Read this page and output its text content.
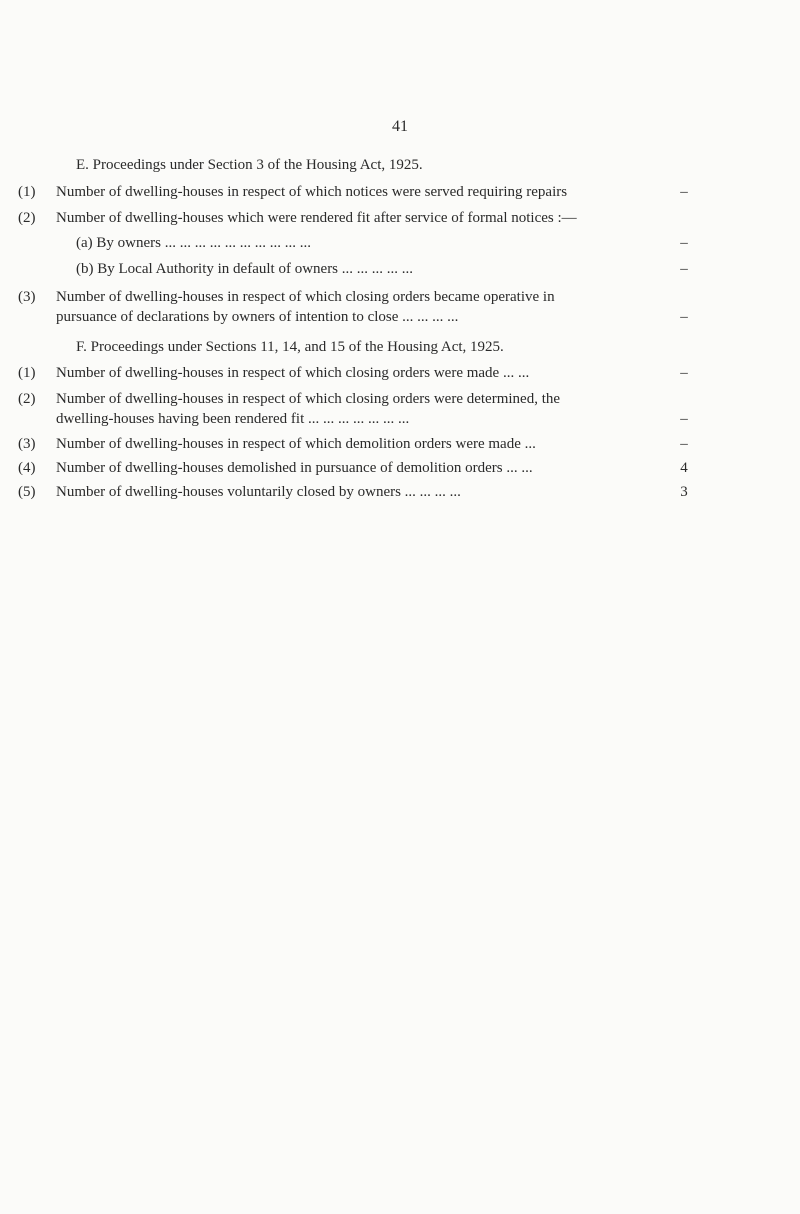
41
E. Proceedings under Section 3 of the Housing Act, 1925.
(1) Number of dwelling-houses in respect of which notices were served requiring repairs	–
(2) Number of dwelling-houses which were rendered fit after service of formal notices :—
(a) By owners ... ... ... ... ... ... ... ... ... ...	–
(b) By Local Authority in default of owners ... ... ... ... ...	–
(3) Number of dwelling-houses in respect of which closing orders became operative in
pursuance of declarations by owners of intention to close ... ... ... ...	–
F. Proceedings under Sections 11, 14, and 15 of the Housing Act, 1925.
(1) Number of dwelling-houses in respect of which closing orders were made ... ...	–
(2) Number of dwelling-houses in respect of which closing orders were determined, the
dwelling-houses having been rendered fit ... ... ... ... ... ... ...	–
(3) Number of dwelling-houses in respect of which demolition orders were made ...	–
(4) Number of dwelling-houses demolished in pursuance of demolition orders ... ...	4
(5) Number of dwelling-houses voluntarily closed by owners ... ... ... ...	3
